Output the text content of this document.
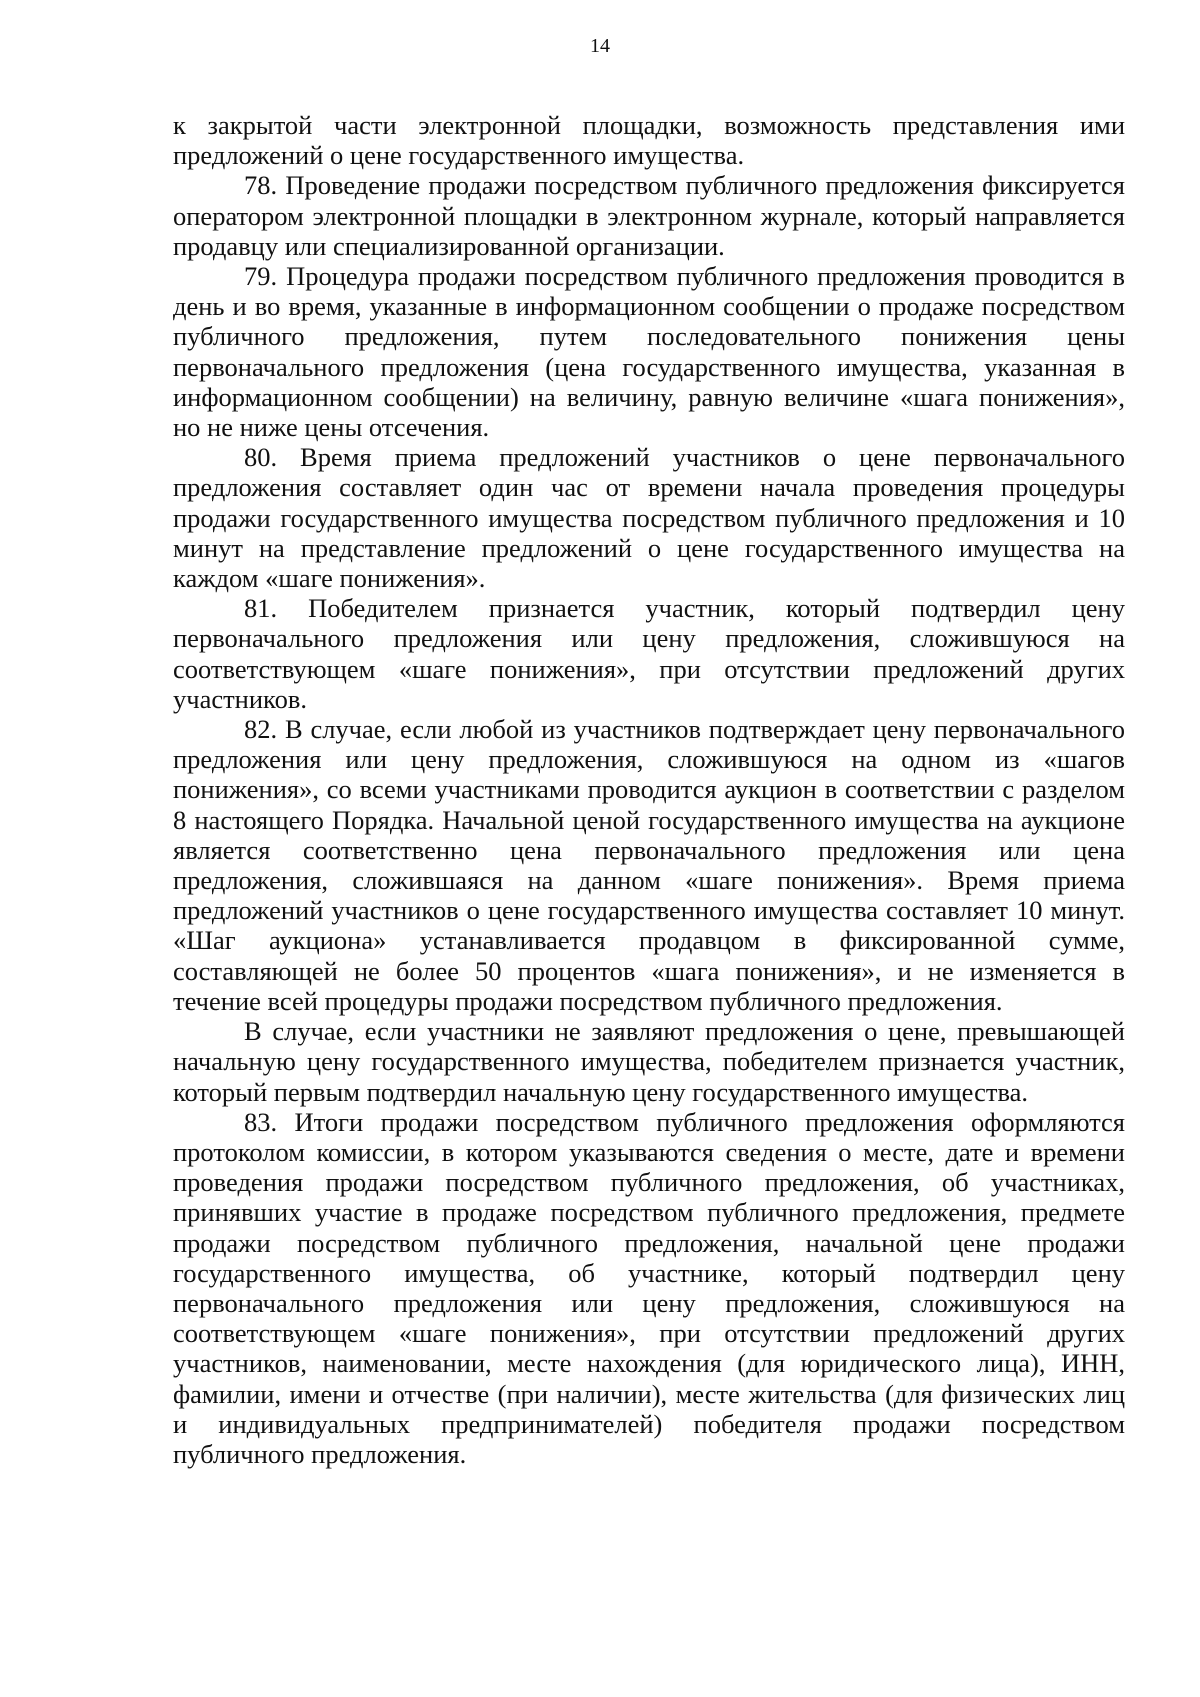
14

к закрытой части электронной площадки, возможность представления ими предложений о цене государственного имущества.

78. Проведение продажи посредством публичного предложения фиксируется оператором электронной площадки в электронном журнале, который направляется продавцу или специализированной организации.

79. Процедура продажи посредством публичного предложения проводится в день и во время, указанные в информационном сообщении о продаже посредством публичного предложения, путем последовательного понижения цены первоначального предложения (цена государственного имущества, указанная в информационном сообщении) на величину, равную величине «шага понижения», но не ниже цены отсечения.

80. Время приема предложений участников о цене первоначального предложения составляет один час от времени начала проведения процедуры продажи государственного имущества посредством публичного предложения и 10 минут на представление предложений о цене государственного имущества на каждом «шаге понижения».

81. Победителем признается участник, который подтвердил цену первоначального предложения или цену предложения, сложившуюся на соответствующем «шаге понижения», при отсутствии предложений других участников.

82. В случае, если любой из участников подтверждает цену первоначального предложения или цену предложения, сложившуюся на одном из «шагов понижения», со всеми участниками проводится аукцион в соответствии с разделом 8 настоящего Порядка. Начальной ценой государственного имущества на аукционе является соответственно цена первоначального предложения или цена предложения, сложившаяся на данном «шаге понижения». Время приема предложений участников о цене государственного имущества составляет 10 минут. «Шаг аукциона» устанавливается продавцом в фиксированной сумме, составляющей не более 50 процентов «шага понижения», и не изменяется в течение всей процедуры продажи посредством публичного предложения.

В случае, если участники не заявляют предложения о цене, превышающей начальную цену государственного имущества, победителем признается участник, который первым подтвердил начальную цену государственного имущества.

83. Итоги продажи посредством публичного предложения оформляются протоколом комиссии, в котором указываются сведения о месте, дате и времени проведения продажи посредством публичного предложения, об участниках, принявших участие в продаже посредством публичного предложения, предмете продажи посредством публичного предложения, начальной цене продажи государственного имущества, об участнике, который подтвердил цену первоначального предложения или цену предложения, сложившуюся на соответствующем «шаге понижения», при отсутствии предложений других участников, наименовании, месте нахождения (для юридического лица), ИНН, фамилии, имени и отчестве (при наличии), месте жительства (для физических лиц и индивидуальных предпринимателей) победителя продажи посредством публичного предложения.
